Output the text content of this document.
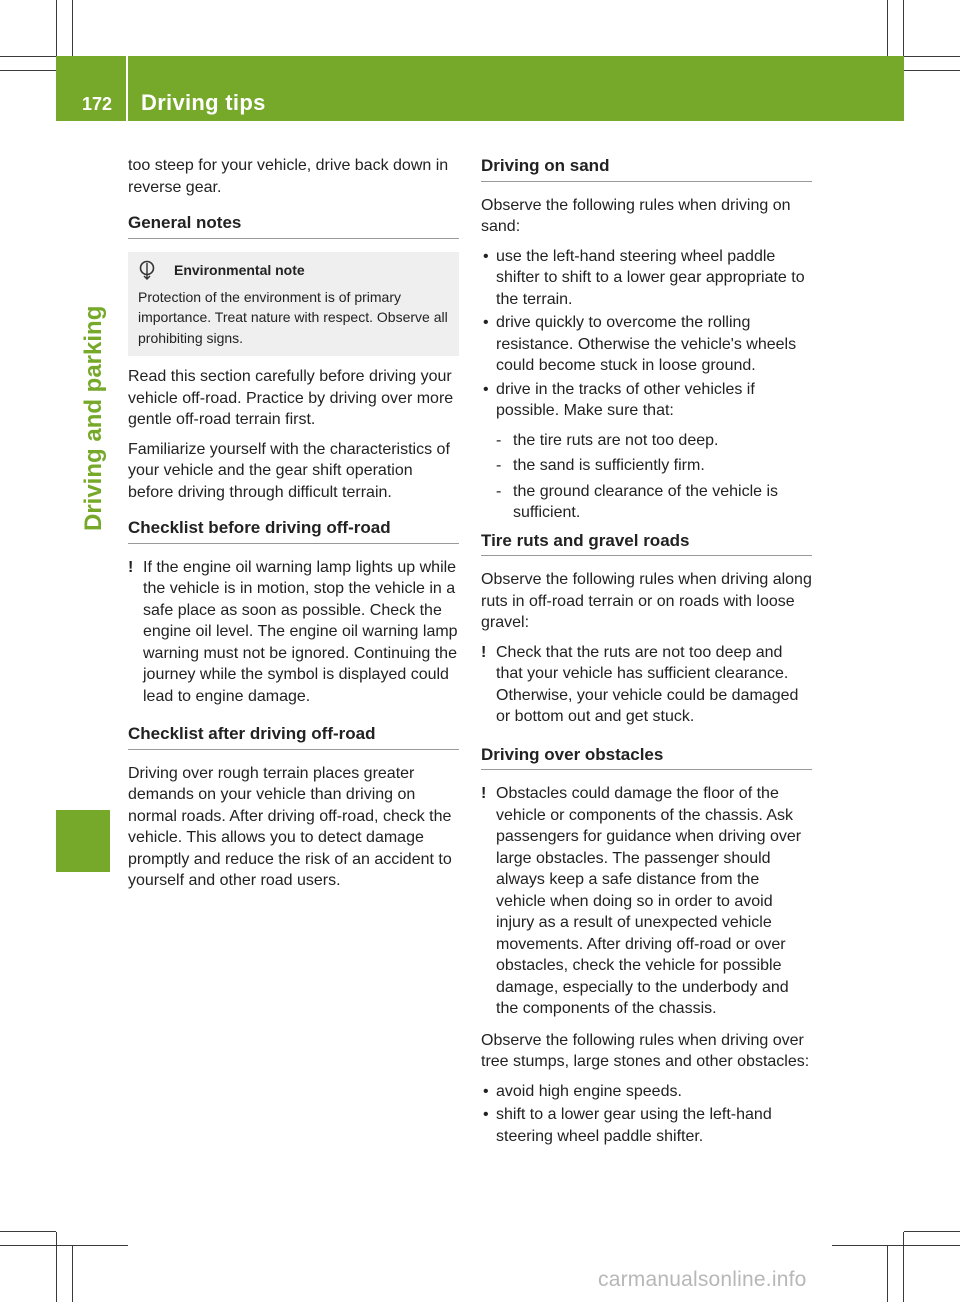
172 Driving tips
Driving and parking

too steep for your vehicle, drive back down in reverse gear.

General notes
Environmental note
Protection of the environment is of primary importance. Treat nature with respect. Observe all prohibiting signs.

Read this section carefully before driving your vehicle off-road. Practice by driving over more gentle off-road terrain first.

Familiarize yourself with the characteristics of your vehicle and the gear shift operation before driving through difficult terrain.

Checklist before driving off-road
! If the engine oil warning lamp lights up while the vehicle is in motion, stop the vehicle in a safe place as soon as possible. Check the engine oil level. The engine oil warning lamp warning must not be ignored. Continuing the journey while the symbol is displayed could lead to engine damage.
Checklist after driving off-road

Driving over rough terrain places greater demands on your vehicle than driving on normal roads. After driving off-road, check the vehicle. This allows you to detect damage promptly and reduce the risk of an accident to yourself and other road users.

Driving on sand

Observe the following rules when driving on sand:

• use the left-hand steering wheel paddle shifter to shift to a lower gear appropriate to the terrain.
• drive quickly to overcome the rolling resistance. Otherwise the vehicle's wheels could become stuck in loose ground.
• drive in the tracks of other vehicles if possible. Make sure that:
- the tire ruts are not too deep.
- the sand is sufficiently firm.
- the ground clearance of the vehicle is sufficient.
Tire ruts and gravel roads

Observe the following rules when driving along ruts in off-road terrain or on roads with loose gravel:

! Check that the ruts are not too deep and that your vehicle has sufficient clearance. Otherwise, your vehicle could be damaged or bottom out and get stuck.
Driving over obstacles
! Obstacles could damage the floor of the vehicle or components of the chassis. Ask passengers for guidance when driving over large obstacles. The passenger should always keep a safe distance from the vehicle when doing so in order to avoid injury as a result of unexpected vehicle movements. After driving off-road or over obstacles, check the vehicle for possible damage, especially to the underbody and the components of the chassis.

Observe the following rules when driving over tree stumps, large stones and other obstacles:

• avoid high engine speeds.
• shift to a lower gear using the left-hand steering wheel paddle shifter.
carmanualsonline.info
